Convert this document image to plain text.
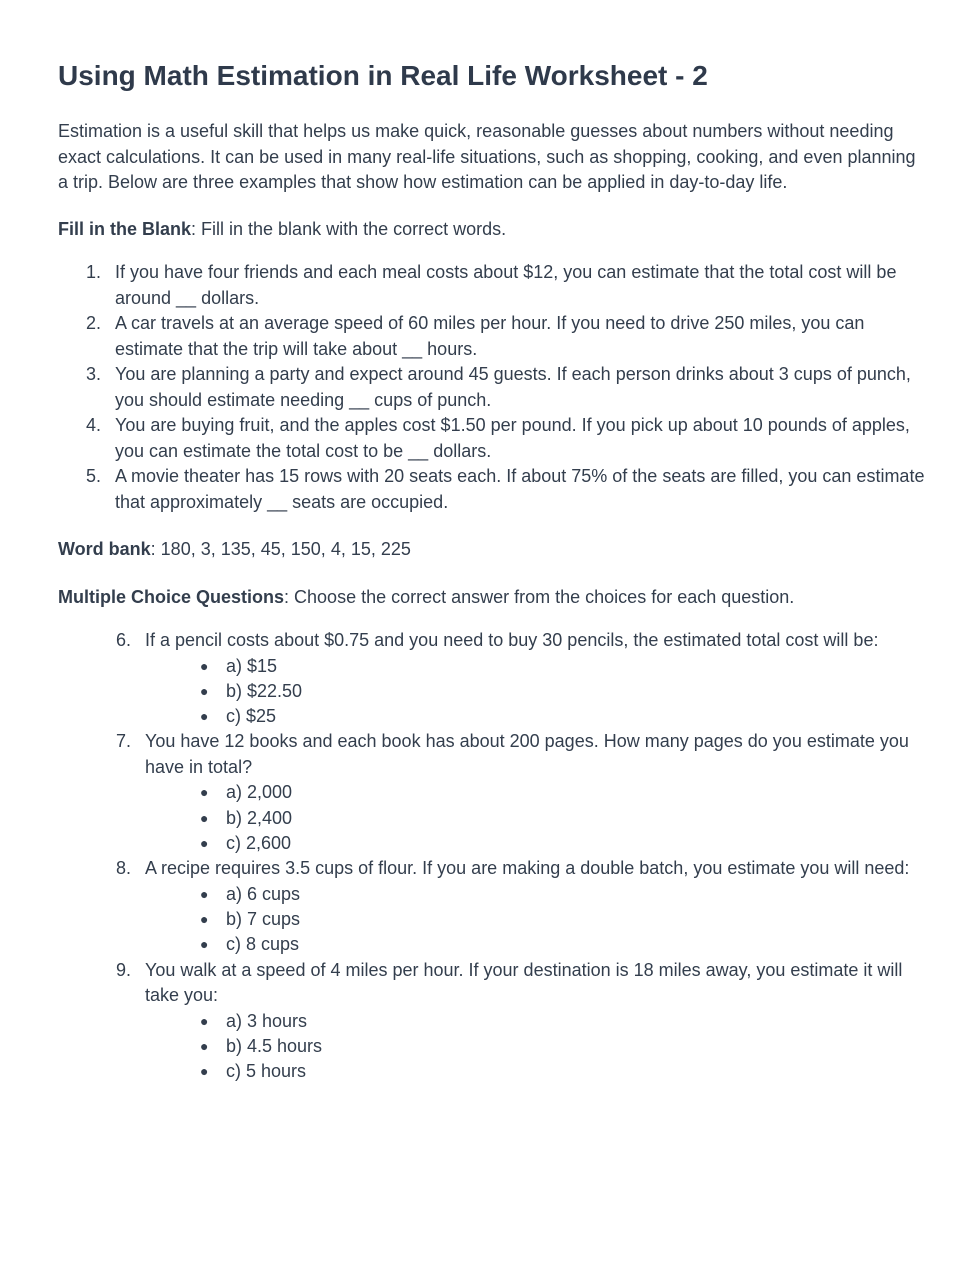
Using Math Estimation in Real Life Worksheet - 2

Estimation is a useful skill that helps us make quick, reasonable guesses about numbers without needing exact calculations. It can be used in many real-life situations, such as shopping, cooking, and even planning a trip. Below are three examples that show how estimation can be applied in day-to-day life.

Fill in the Blank: Fill in the blank with the correct words.

1. If you have four friends and each meal costs about $12, you can estimate that the total cost will be around __ dollars.
2. A car travels at an average speed of 60 miles per hour. If you need to drive 250 miles, you can estimate that the trip will take about __ hours.
3. You are planning a party and expect around 45 guests. If each person drinks about 3 cups of punch, you should estimate needing __ cups of punch.
4. You are buying fruit, and the apples cost $1.50 per pound. If you pick up about 10 pounds of apples, you can estimate the total cost to be __ dollars.
5. A movie theater has 15 rows with 20 seats each. If about 75% of the seats are filled, you can estimate that approximately __ seats are occupied.

Word bank: 180, 3, 135, 45, 150, 4, 15, 225

Multiple Choice Questions: Choose the correct answer from the choices for each question.

6. If a pencil costs about $0.75 and you need to buy 30 pencils, the estimated total cost will be:
● a) $15
● b) $22.50
● c) $25
7. You have 12 books and each book has about 200 pages. How many pages do you estimate you have in total?
● a) 2,000
● b) 2,400
● c) 2,600
8. A recipe requires 3.5 cups of flour. If you are making a double batch, you estimate you will need:
● a) 6 cups
● b) 7 cups
● c) 8 cups
9. You walk at a speed of 4 miles per hour. If your destination is 18 miles away, you estimate it will take you:
● a) 3 hours
● b) 4.5 hours
● c) 5 hours
